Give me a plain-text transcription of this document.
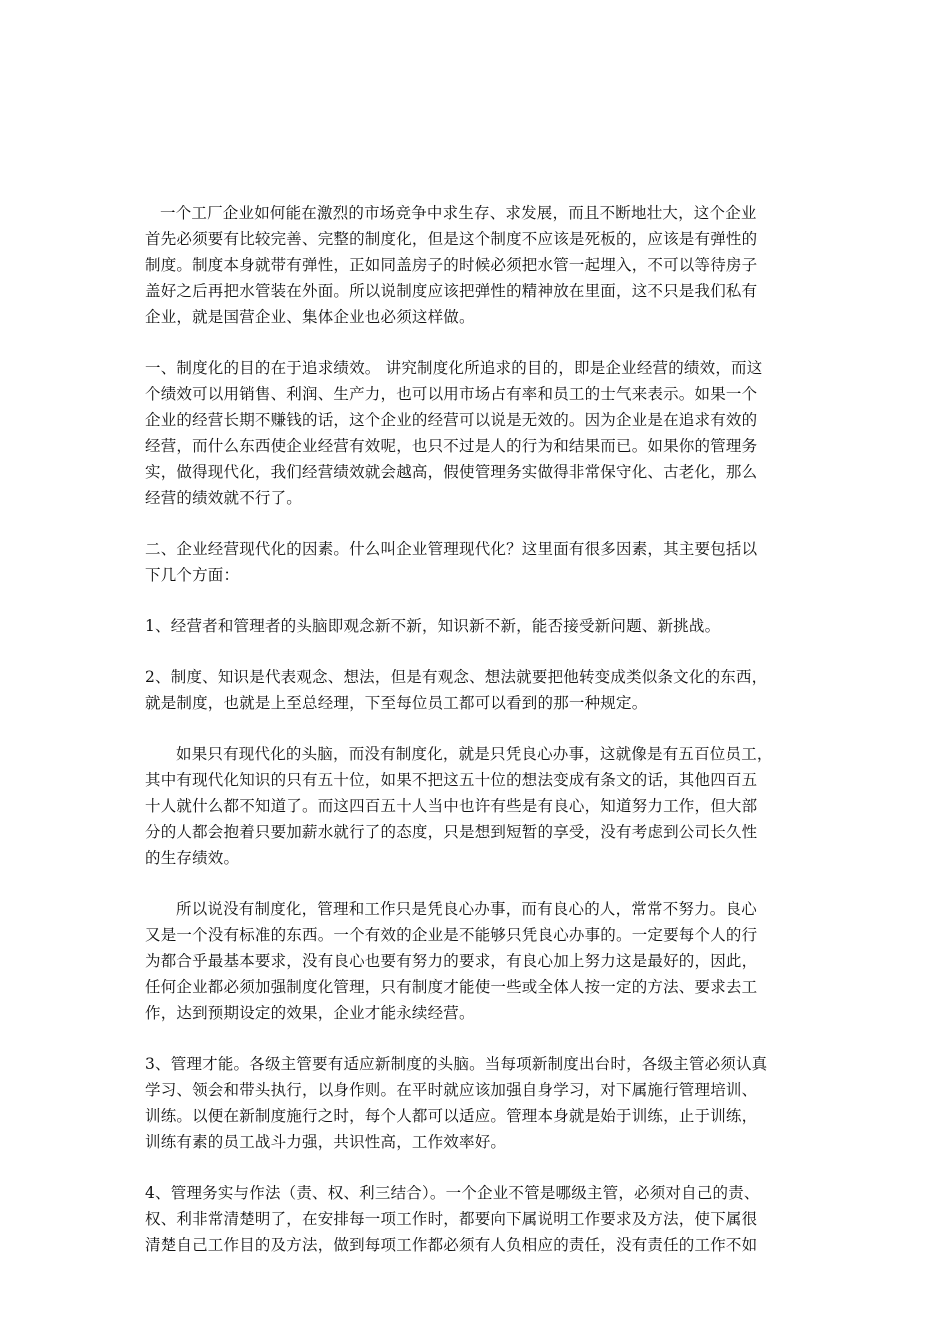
一个工厂企业如何能在激烈的市场竞争中求生存、求发展，而且不断地壮大，这个企业
首先必须要有比较完善、完整的制度化，但是这个制度不应该是死板的，应该是有弹性的
制度。制度本身就带有弹性，正如同盖房子的时候必须把水管一起埋入，不可以等待房子
盖好之后再把水管装在外面。所以说制度应该把弹性的精神放在里面，这不只是我们私有
企业，就是国营企业、集体企业也必须这样做。

一、制度化的目的在于追求绩效。 讲究制度化所追求的目的，即是企业经营的绩效，而这
个绩效可以用销售、利润、生产力，也可以用市场占有率和员工的士气来表示。如果一个
企业的经营长期不赚钱的话，这个企业的经营可以说是无效的。因为企业是在追求有效的
经营，而什么东西使企业经营有效呢，也只不过是人的行为和结果而已。如果你的管理务
实，做得现代化，我们经营绩效就会越高，假使管理务实做得非常保守化、古老化，那么
经营的绩效就不行了。

二、企业经营现代化的因素。什么叫企业管理现代化？这里面有很多因素，其主要包括以
下几个方面：

1、经营者和管理者的头脑即观念新不新，知识新不新，能否接受新问题、新挑战。

2、制度、知识是代表观念、想法，但是有观念、想法就要把他转变成类似条文化的东西，
就是制度，也就是上至总经理，下至每位员工都可以看到的那一种规定。

如果只有现代化的头脑，而没有制度化，就是只凭良心办事，这就像是有五百位员工，
其中有现代化知识的只有五十位，如果不把这五十位的想法变成有条文的话，其他四百五
十人就什么都不知道了。而这四百五十人当中也许有些是有良心，知道努力工作，但大部
分的人都会抱着只要加薪水就行了的态度，只是想到短暂的享受，没有考虑到公司长久性
的生存绩效。

所以说没有制度化，管理和工作只是凭良心办事，而有良心的人，常常不努力。良心
又是一个没有标准的东西。一个有效的企业是不能够只凭良心办事的。一定要每个人的行
为都合乎最基本要求，没有良心也要有努力的要求，有良心加上努力这是最好的，因此，
任何企业都必须加强制度化管理，只有制度才能使一些或全体人按一定的方法、要求去工
作，达到预期设定的效果，企业才能永续经营。

3、管理才能。各级主管要有适应新制度的头脑。当每项新制度出台时，各级主管必须认真
学习、领会和带头执行，以身作则。在平时就应该加强自身学习，对下属施行管理培训、
训练。以便在新制度施行之时，每个人都可以适应。管理本身就是始于训练，止于训练，
训练有素的员工战斗力强，共识性高，工作效率好。

4、管理务实与作法（责、权、利三结合）。一个企业不管是哪级主管，必须对自己的责、
权、利非常清楚明了，在安排每一项工作时，都要向下属说明工作要求及方法，使下属很
清楚自己工作目的及方法，做到每项工作都必须有人负相应的责任，没有责任的工作不如
